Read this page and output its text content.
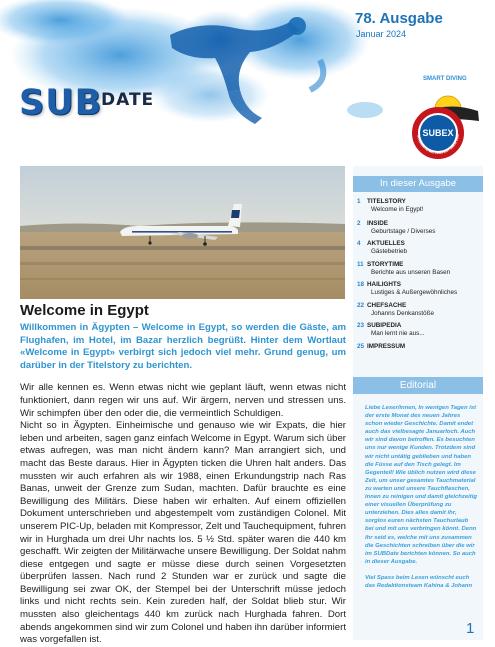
78. Ausgabe
Januar 2024
SUB
DATE
SMART DIVING
SUBEX
INTERNATIONAL COMPANY SINCE 1963
Welcome in Egypt

Willkommen in Ägypten – Welcome in Egypt, so werden die Gäste, am Flughafen, im Hotel, im Bazar herzlich begrüßt. Hinter dem Wortlaut «Welcome in Egypt» verbirgt sich jedoch viel mehr. Grund genug, um darüber in der Titelstory zu berichten.

Wir alle kennen es. Wenn etwas nicht wie geplant läuft, wenn etwas nicht funktioniert, dann regen wir uns auf. Wir ärgern, nerven und stressen uns. Wir schimpfen über den oder die, die vermeintlich Schuldigen.

Nicht so in Ägypten. Einheimische und genauso wie wir Expats, die hier leben und arbeiten, sagen ganz einfach Welcome in Egypt. Warum sich über etwas aufregen, was man nicht ändern kann? Man arrangiert sich, und macht das Beste daraus. Hier in Ägypten ticken die Uhren halt anders. Das mussten wir auch erfahren als wir 1988, einen Erkundungstrip nach Ras Banas, unweit der Grenze zum Sudan, machten. Dafür brauchte es eine Bewilligung des Militärs. Diese haben wir erhalten. Auf einem offiziellen Dokument unterschrieben und abgestempelt vom zuständigen Colonel. Mit unserem PIC-Up, beladen mit Kompressor, Zelt und Tauchequipment, fuhren wir in Hurghada um drei Uhr nachts los. 5 ½ Std. später waren die 440 km geschafft. Wir zeigten der Militärwache unsere Bewilligung. Der Soldat nahm diese entgegen und sagte er müsse diese durch seinen Vorgesetzten überprüfen lassen. Nach rund 2 Stunden war er zurück und sagte die Bewilligung sei zwar OK, der Stempel bei der Unterschrift müsse jedoch links und nicht rechts sein. Kein zureden half, der Soldat blieb stur. Wir mussten also gleichentags 440 km zurück nach Hurghada fahren. Dort abends angekommen sind wir zum Colonel und haben ihn darüber informiert was vorgefallen ist.

In dieser Ausgabe
1	TITELSTORY
Welcome in Egypt!
2	INSIDE
Geburtstage / Diverses
4	AKTUELLES
Gästebetrieb
11 STORYTIME
Berichte aus unseren Basen
18 HAILIGHTS
Lustiges & Außergewöhnliches
22 CHEFSACHE
Johanns Denkanstöße
23 SUBIPEDIA
Man lernt nie aus...
25 IMPRESSUM
Editorial
Liebe Leser/innen, In wenigen Tagen ist der erste Monat des neuen Jahres schon wieder Geschichte. Damit endet auch das vielbesagte Januarloch. Auch wir sind davon betroffen. Es besuchten uns nur wenige Kunden. Trotzdem sind wir nicht untätig geblieben und haben die Füsse auf den Tisch gelegt. Im Gegenteil! Wie üblich nutzen wird diese Zeit, um unser gesamtes Tauchmaterial zu warten und unsere Tauchflaschen, innen zu reinigen und damit gleichzeitig einer visuellen Überprüfung zu unterziehen. Dies alles damit ihr, sorglos euren nächsten Tauchurlaub bei und mit uns verbringen könnt. Denn ihr seid es, welche mit uns zusammen die Geschichten schreiben über die wir im SUBDate berichten können. So auch in dieser Ausgabe.

Viel Spass beim Lesen wünscht euch das Redaktionsteam Kahina & Johann
1
